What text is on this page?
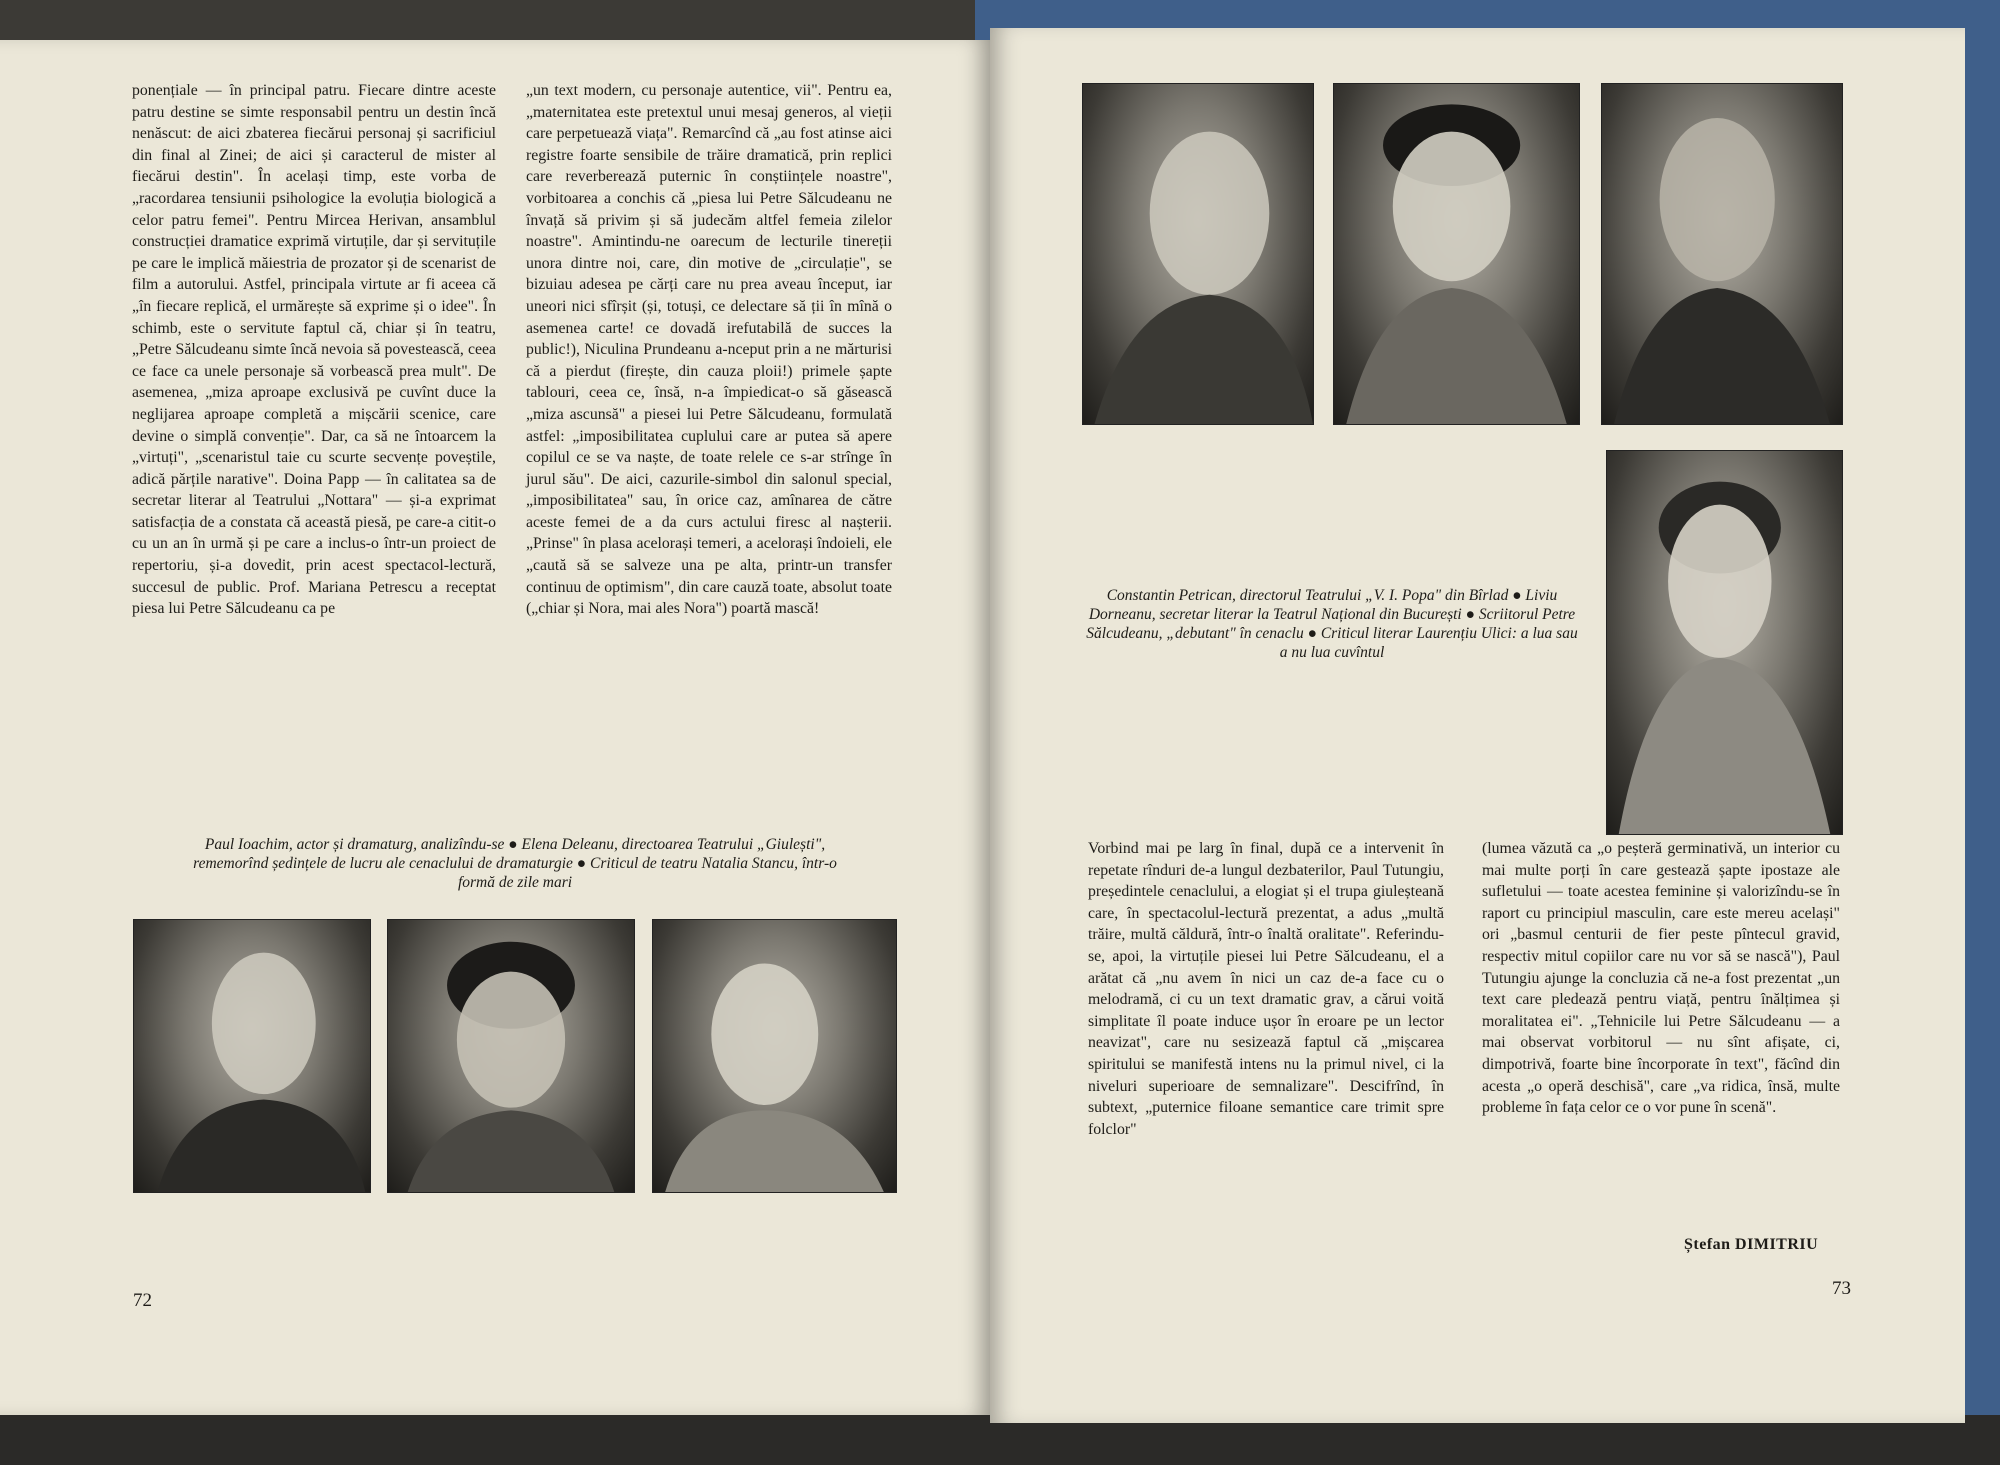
ponențiale — în principal patru. Fiecare dintre aceste patru destine se simte responsabil pentru un destin încă nenăscut: de aici zbaterea fiecărui personaj și sacrificiul din final al Zinei; de aici și caracterul de mister al fiecărui destin". În același timp, este vorba de „racordarea tensiunii psihologice la evoluția biologică a celor patru femei". Pentru Mircea Herivan, ansamblul construcției dramatice exprimă virtuțile, dar și servituțile pe care le implică măiestria de prozator și de scenarist de film a autorului. Astfel, principala virtute ar fi aceea că „în fiecare replică, el urmărește să exprime și o idee". În schimb, este o servitute faptul că, chiar și în teatru, „Petre Sălcudeanu simte încă nevoia să povestească, ceea ce face ca unele personaje să vorbească prea mult". De asemenea, „miza aproape exclusivă pe cuvînt duce la neglijarea aproape completă a mișcării scenice, care devine o simplă convenție". Dar, ca să ne întoarcem la „virtuți", „scenaristul taie cu scurte secvențe poveștile, adică părțile narative". Doina Papp — în calitatea sa de secretar literar al Teatrului „Nottara" — și-a exprimat satisfacția de a constata că această piesă, pe care-a citit-o cu un an în urmă și pe care a inclus-o într-un proiect de repertoriu, și-a dovedit, prin acest spectacol-lectură, succesul de public. Prof. Mariana Petrescu a receptat piesa lui Petre Sălcudeanu ca pe

„un text modern, cu personaje autentice, vii". Pentru ea, „maternitatea este pretextul unui mesaj generos, al vieții care perpetuează viața". Remarcînd că „au fost atinse aici registre foarte sensibile de trăire dramatică, prin replici care reverberează puternic în conștiințele noastre", vorbitoarea a conchis că „piesa lui Petre Sălcudeanu ne învață să privim și să judecăm altfel femeia zilelor noastre". Amintindu-ne oarecum de lecturile tinereții unora dintre noi, care, din motive de „circulație", se bizuiau adesea pe cărți care nu prea aveau început, iar uneori nici sfîrșit (și, totuși, ce delectare să ții în mînă o asemenea carte! ce dovadă irefutabilă de succes la public!), Niculina Prundeanu a-nceput prin a ne mărturisi că a pierdut (firește, din cauza ploii!) primele șapte tablouri, ceea ce, însă, n-a împiedicat-o să găsească „miza ascunsă" a piesei lui Petre Sălcudeanu, formulată astfel: „imposibilitatea cuplului care ar putea să apere copilul ce se va naște, de toate relele ce s-ar strînge în jurul său". De aici, cazurile-simbol din salonul special, „imposibilitatea" sau, în orice caz, amînarea de către aceste femei de a da curs actului firesc al nașterii. „Prinse" în plasa acelorași temeri, a acelorași îndoieli, ele „caută să se salveze una pe alta, printr-un transfer continuu de optimism", din care cauză toate, absolut toate („chiar și Nora, mai ales Nora") poartă mască!

Paul Ioachim, actor și dramaturg, analizîndu-se ● Elena Deleanu, directoarea Teatrului „Giulești", rememorînd ședințele de lucru ale cenaclului de dramaturgie ● Criticul de teatru Natalia Stancu, într-o formă de zile mari
72
Constantin Petrican, directorul Teatrului „V. I. Popa" din Bîrlad ● Liviu Dorneanu, secretar literar la Teatrul Național din București ● Scriitorul Petre Sălcudeanu, „debutant" în cenaclu ● Criticul literar Laurențiu Ulici: a lua sau a nu lua cuvîntul

Vorbind mai pe larg în final, după ce a intervenit în repetate rînduri de-a lungul dezbaterilor, Paul Tutungiu, președintele cenaclului, a elogiat și el trupa giuleșteană care, în spectacolul-lectură prezentat, a adus „multă trăire, multă căldură, într-o înaltă oralitate". Referindu-se, apoi, la virtuțile piesei lui Petre Sălcudeanu, el a arătat că „nu avem în nici un caz de-a face cu o melodramă, ci cu un text dramatic grav, a cărui voită simplitate îl poate induce ușor în eroare pe un lector neavizat", care nu sesizează faptul că „mișcarea spiritului se manifestă intens nu la primul nivel, ci la niveluri superioare de semnalizare". Descifrînd, în subtext, „puternice filoane semantice care trimit spre folclor"

(lumea văzută ca „o peșteră germinativă, un interior cu mai multe porți în care gestează șapte ipostaze ale sufletului — toate acestea feminine și valorizîndu-se în raport cu principiul masculin, care este mereu același" ori „basmul centurii de fier peste pîntecul gravid, respectiv mitul copiilor care nu vor să se nască"), Paul Tutungiu ajunge la concluzia că ne-a fost prezentat „un text care pledează pentru viață, pentru înălțimea și moralitatea ei". „Tehnicile lui Petre Sălcudeanu — a mai observat vorbitorul — nu sînt afișate, ci, dimpotrivă, foarte bine încorporate în text", făcînd din acesta „o operă deschisă", care „va ridica, însă, multe probleme în fața celor ce o vor pune în scenă".

Ștefan DIMITRIU
73
